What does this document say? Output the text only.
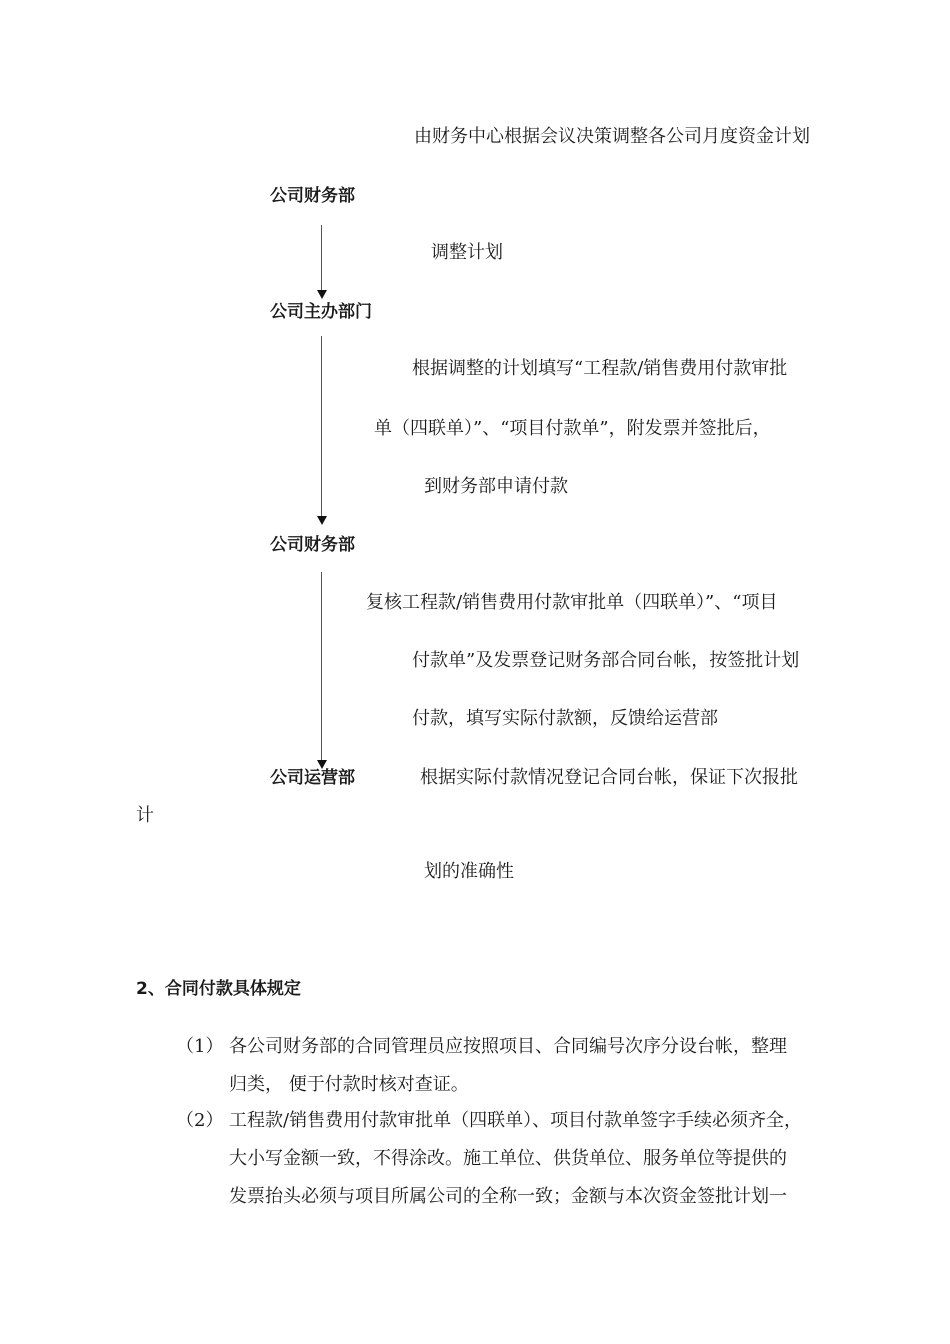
由财务中心根据会议决策调整各公司月度资金计划
公司财务部
调整计划
公司主办部门
根据调整的计划填写“工程款/销售费用付款审批
单（四联单）”、“项目付款单”，附发票并签批后，
到财务部申请付款
公司财务部
复核工程款/销售费用付款审批单（四联单）”、“项目
付款单”及发票登记财务部合同台帐，按签批计划
付款，填写实际付款额，反馈给运营部
公司运营部	根据实际付款情况登记合同台帐，保证下次报批
计
划的准确性
2、合同付款具体规定
（1） 各公司财务部的合同管理员应按照项目、合同编号次序分设台帐，整理
归类， 便于付款时核对查证。
（2） 工程款/销售费用付款审批单（四联单）、项目付款单签字手续必须齐全，
大小写金额一致，不得涂改。施工单位、供货单位、服务单位等提供的
发票抬头必须与项目所属公司的全称一致；金额与本次资金签批计划一
